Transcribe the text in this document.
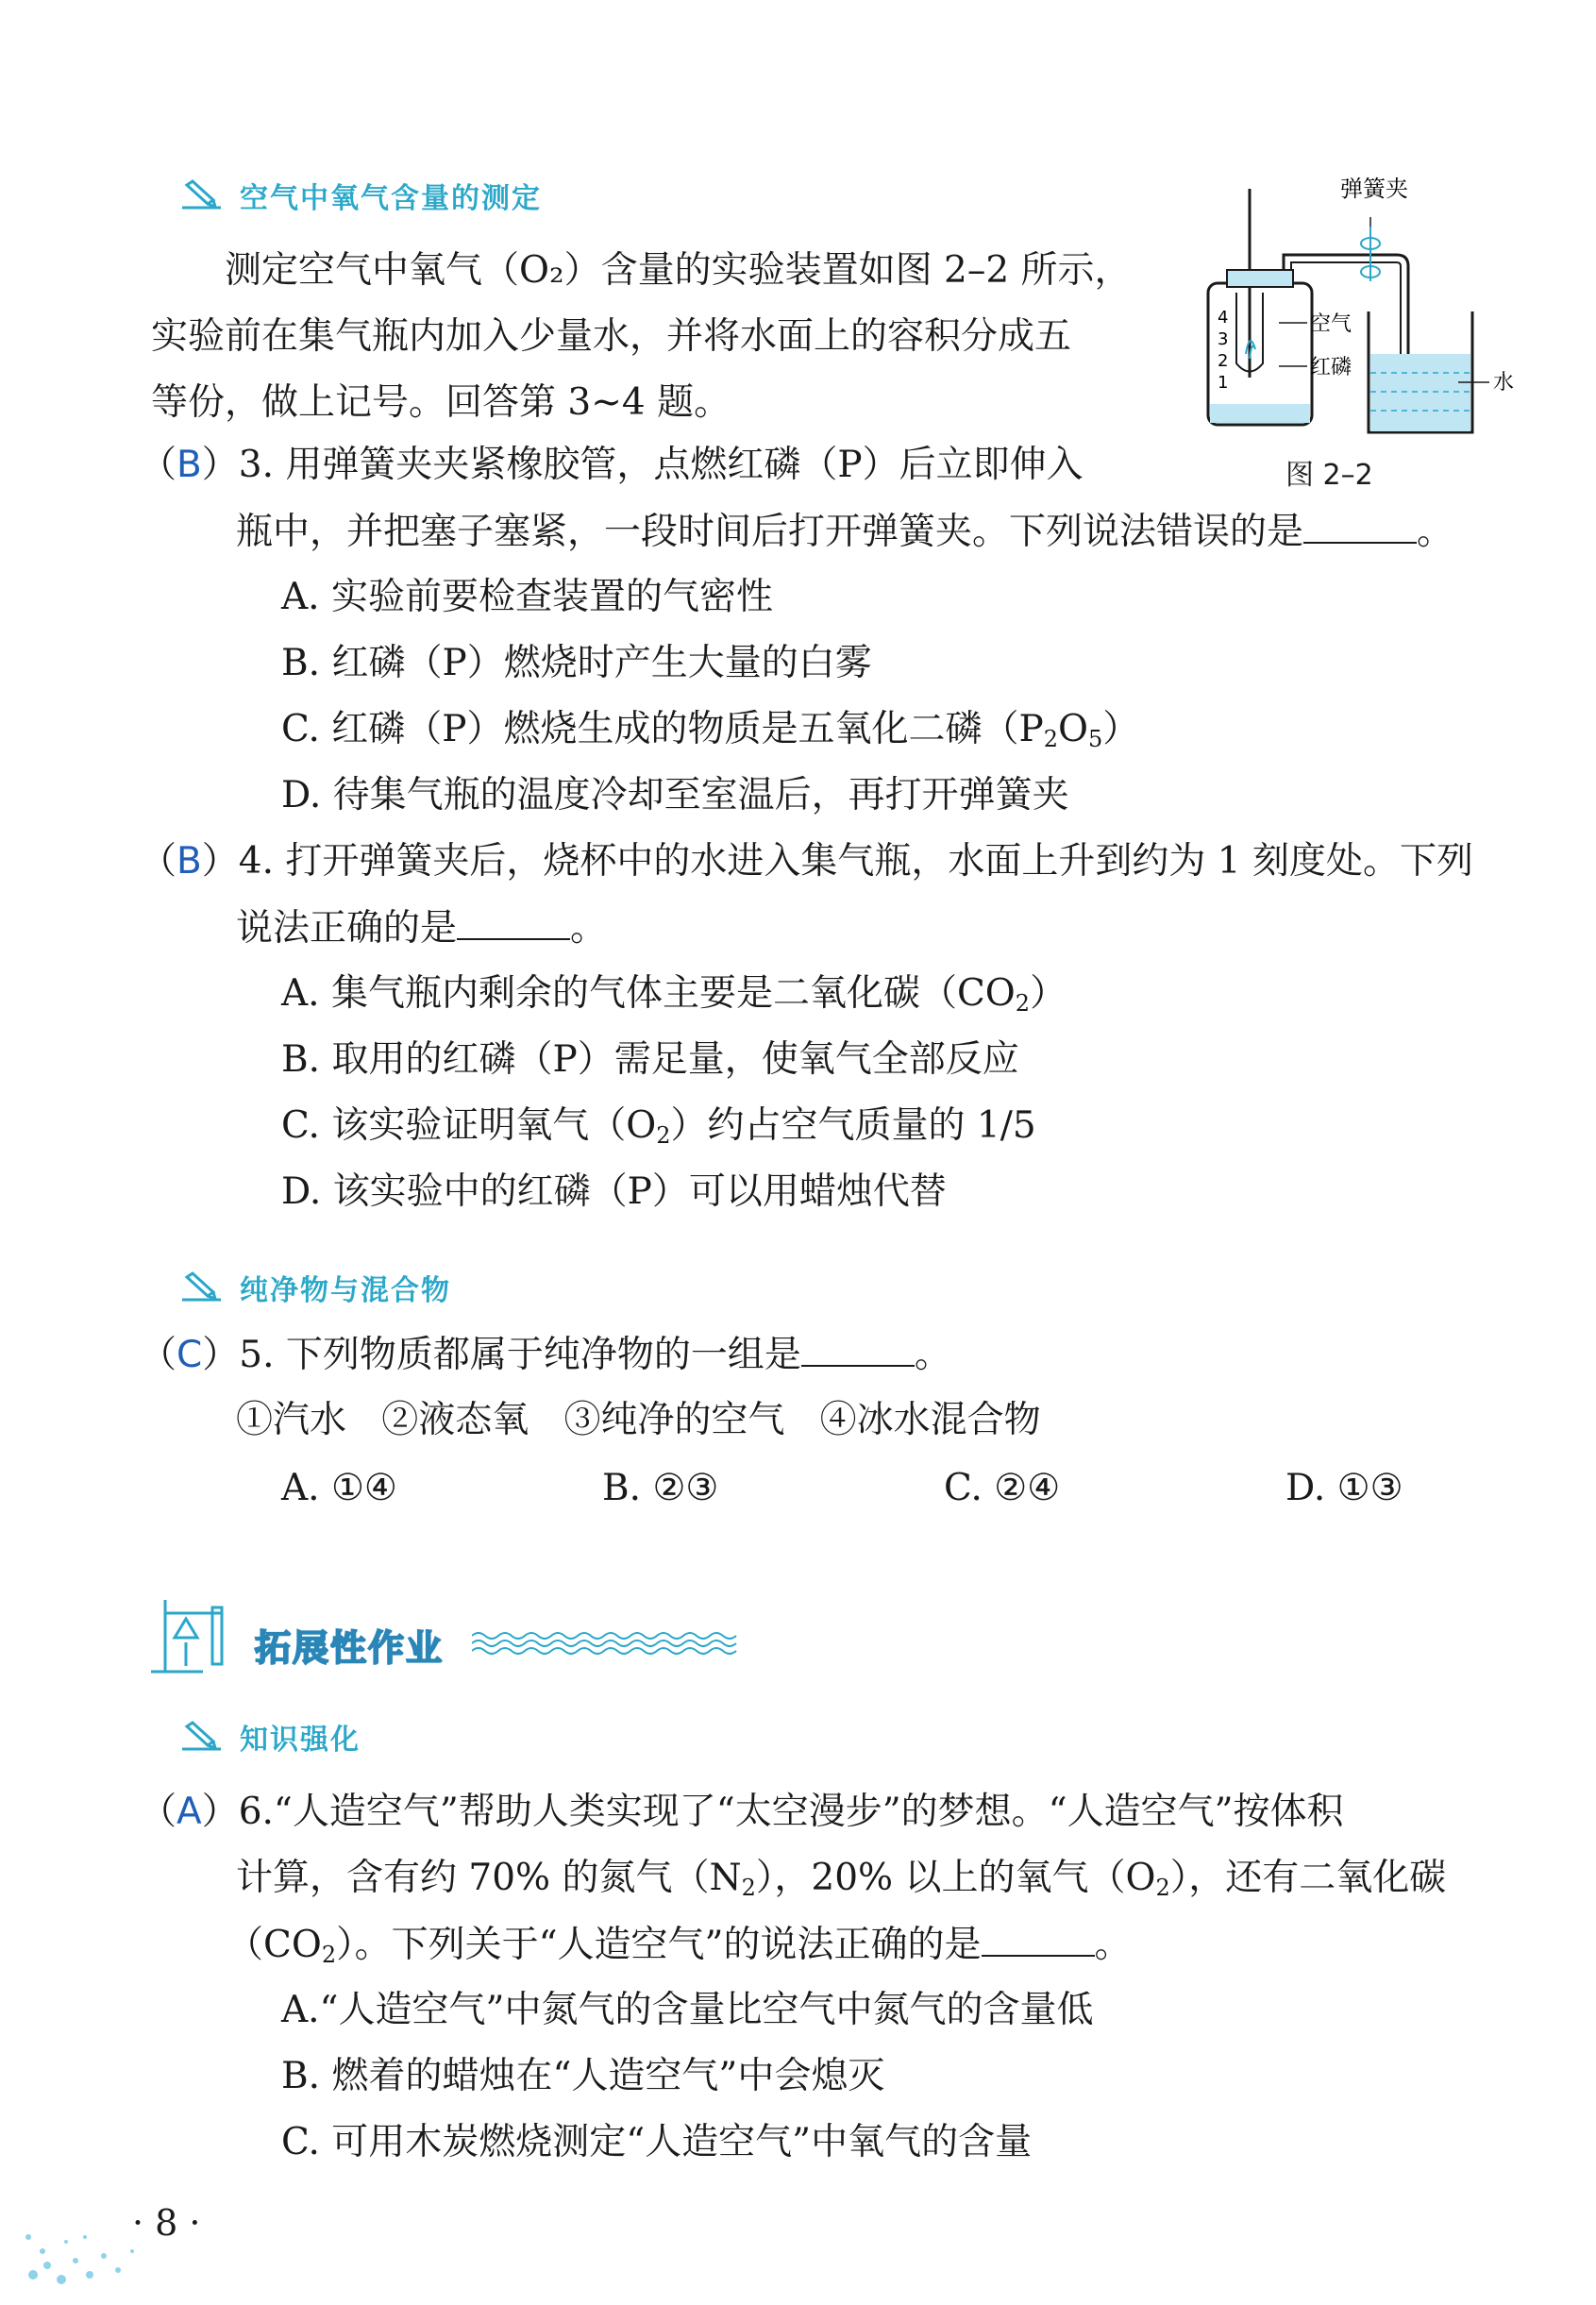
空气中氧气含量的测定
测定空气中氧气（O₂）含量的实验装置如图 2–2 所示，
实验前在集气瓶内加入少量水，并将水面上的容积分成五
等份，做上记号。回答第 3~4 题。
4
3
2
1
弹簧夹
空气
红磷
水
图 2–2
（B）3. 用弹簧夹夹紧橡胶管，点燃红磷（P）后立即伸入
瓶中，并把塞子塞紧，一段时间后打开弹簧夹。下列说法错误的是	。
A. 实验前要检查装置的气密性
B. 红磷（P）燃烧时产生大量的白雾
C. 红磷（P）燃烧生成的物质是五氧化二磷$(P_2O_5)$
D. 待集气瓶的温度冷却至室温后，再打开弹簧夹
（B）4. 打开弹簧夹后，烧杯中的水进入集气瓶，水面上升到约为 1 刻度处。下列
说法正确的是	。
A. 集气瓶内剩余的气体主要是二氧化碳$(CO_2)$
B. 取用的红磷（P）需足量，使氧气全部反应
C. 该实验证明氧气$(O_2)$约占空气质量的 1/5
D. 该实验中的红磷（P）可以用蜡烛代替
纯净物与混合物
（C）5. 下列物质都属于纯净物的一组是	。
①汽水 ②液态氧 ③纯净的空气 ④冰水混合物
A. ①④	B. ②③	C. ②④	D. ①③
拓展性作业
知识强化
（A）6.“人造空气”帮助人类实现了“太空漫步”的梦想。“人造空气”按体积
计算，含有约 70% 的氮气$(N_2)$，20% 以上的氧气$(O_2)$，还有二氧化碳
$(CO_2)$。下列关于“人造空气”的说法正确的是	。
A.“人造空气”中氮气的含量比空气中氮气的含量低
B. 燃着的蜡烛在“人造空气”中会熄灭
C. 可用木炭燃烧测定“人造空气”中氧气的含量
· 8 ·
